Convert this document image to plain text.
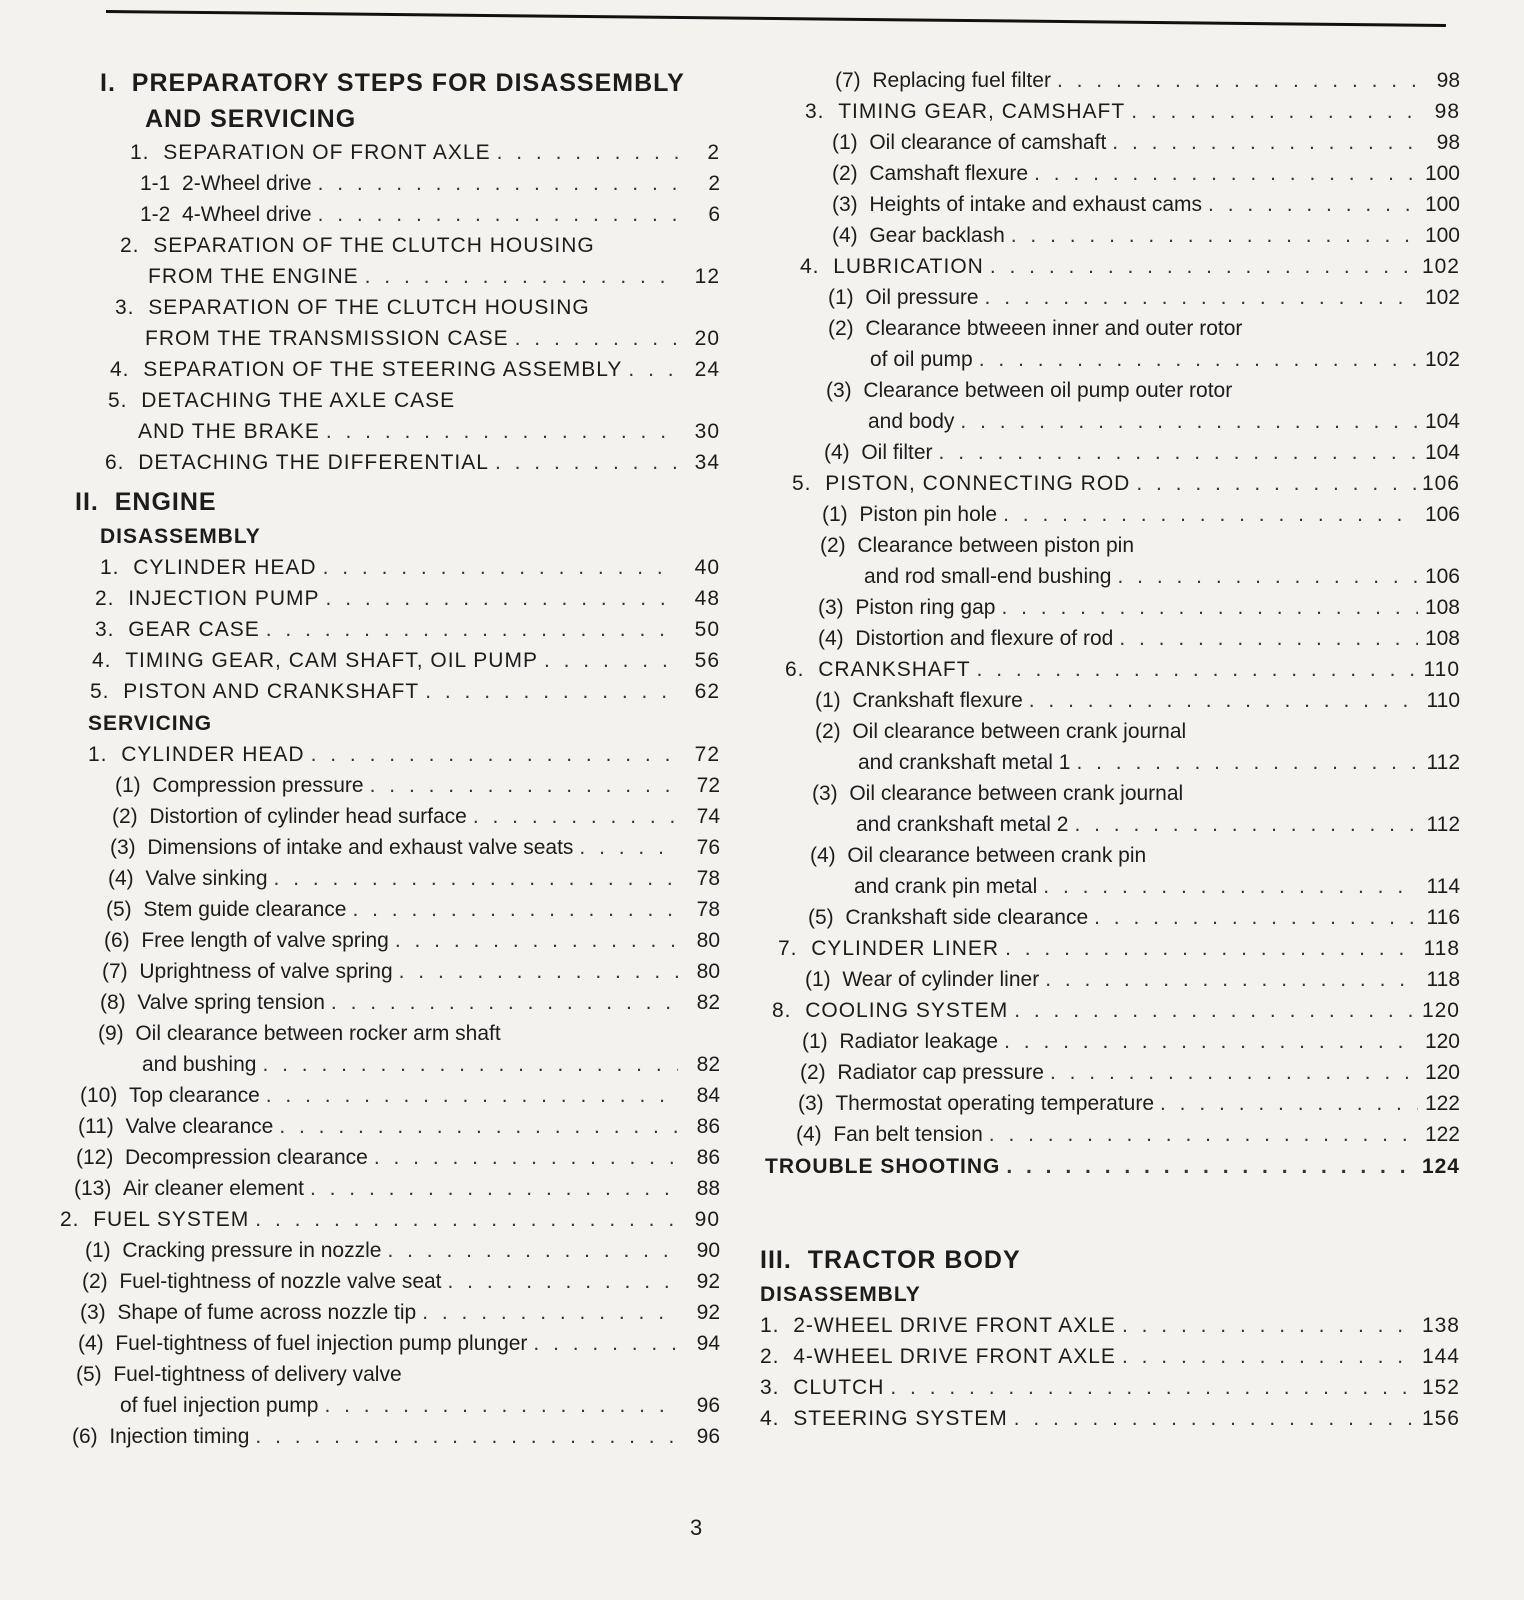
I. PREPARATORY STEPS FOR DISASSEMBLY
AND SERVICING
1. SEPARATION OF FRONT AXLE . . .	2
1-1 2-Wheel drive . . .	2
1-2 4-Wheel drive . . .	6
2. SEPARATION OF THE CLUTCH HOUSING
FROM THE ENGINE . . .	12
3. SEPARATION OF THE CLUTCH HOUSING
FROM THE TRANSMISSION CASE . . .	20
4. SEPARATION OF THE STEERING ASSEMBLY . . .	24
5. DETACHING THE AXLE CASE
AND THE BRAKE . . .	30
6. DETACHING THE DIFFERENTIAL . . .	34
II. ENGINE
DISASSEMBLY
1. CYLINDER HEAD . . .	40
2. INJECTION PUMP . . .	48
3. GEAR CASE . . .	50
4. TIMING GEAR, CAM SHAFT, OIL PUMP . . .	56
5. PISTON AND CRANKSHAFT . . .	62
SERVICING
1. CYLINDER HEAD . . .	72
(1) Compression pressure . . .	72
(2) Distortion of cylinder head surface . . .	74
(3) Dimensions of intake and exhaust valve seats . . .	76
(4) Valve sinking . . .	78
(5) Stem guide clearance . . .	78
(6) Free length of valve spring . . .	80
(7) Uprightness of valve spring . . .	80
(8) Valve spring tension . . .	82
(9) Oil clearance between rocker arm shaft
and bushing . . .	82
(10) Top clearance . . .	84
(11) Valve clearance . . .	86
(12) Decompression clearance . . .	86
(13) Air cleaner element . . .	88
2. FUEL SYSTEM . . .	90
(1) Cracking pressure in nozzle . . .	90
(2) Fuel-tightness of nozzle valve seat . . .	92
(3) Shape of fume across nozzle tip . . .	92
(4) Fuel-tightness of fuel injection pump plunger . . .	94
(5) Fuel-tightness of delivery valve
of fuel injection pump . . .	96
(6) Injection timing . . .	96
(7) Replacing fuel filter . . .	98
3. TIMING GEAR, CAMSHAFT . . .	98
(1) Oil clearance of camshaft . . .	98
(2) Camshaft flexure . . .	100
(3) Heights of intake and exhaust cams . . .	100
(4) Gear backlash . . .	100
4. LUBRICATION . . .	102
(1) Oil pressure . . .	102
(2) Clearance btweeen inner and outer rotor
of oil pump . . .	102
(3) Clearance between oil pump outer rotor
and body . . .	104
(4) Oil filter . . .	104
5. PISTON, CONNECTING ROD . . .	106
(1) Piston pin hole . . .	106
(2) Clearance between piston pin
and rod small-end bushing . . .	106
(3) Piston ring gap . . .	108
(4) Distortion and flexure of rod . . .	108
6. CRANKSHAFT . . .	110
(1) Crankshaft flexure . . .	110
(2) Oil clearance between crank journal
and crankshaft metal 1 . . .	112
(3) Oil clearance between crank journal
and crankshaft metal 2 . . .	112
(4) Oil clearance between crank pin
and crank pin metal . . .	114
(5) Crankshaft side clearance . . .	116
7. CYLINDER LINER . . .	118
(1) Wear of cylinder liner . . .	118
8. COOLING SYSTEM . . .	120
(1) Radiator leakage . . .	120
(2) Radiator cap pressure . . .	120
(3) Thermostat operating temperature . . .	122
(4) Fan belt tension . . .	122
TROUBLE SHOOTING . . .	124
III. TRACTOR BODY
DISASSEMBLY
1. 2-WHEEL DRIVE FRONT AXLE . . .	138
2. 4-WHEEL DRIVE FRONT AXLE . . .	144
3. CLUTCH . . .	152
4. STEERING SYSTEM . . .	156
3
